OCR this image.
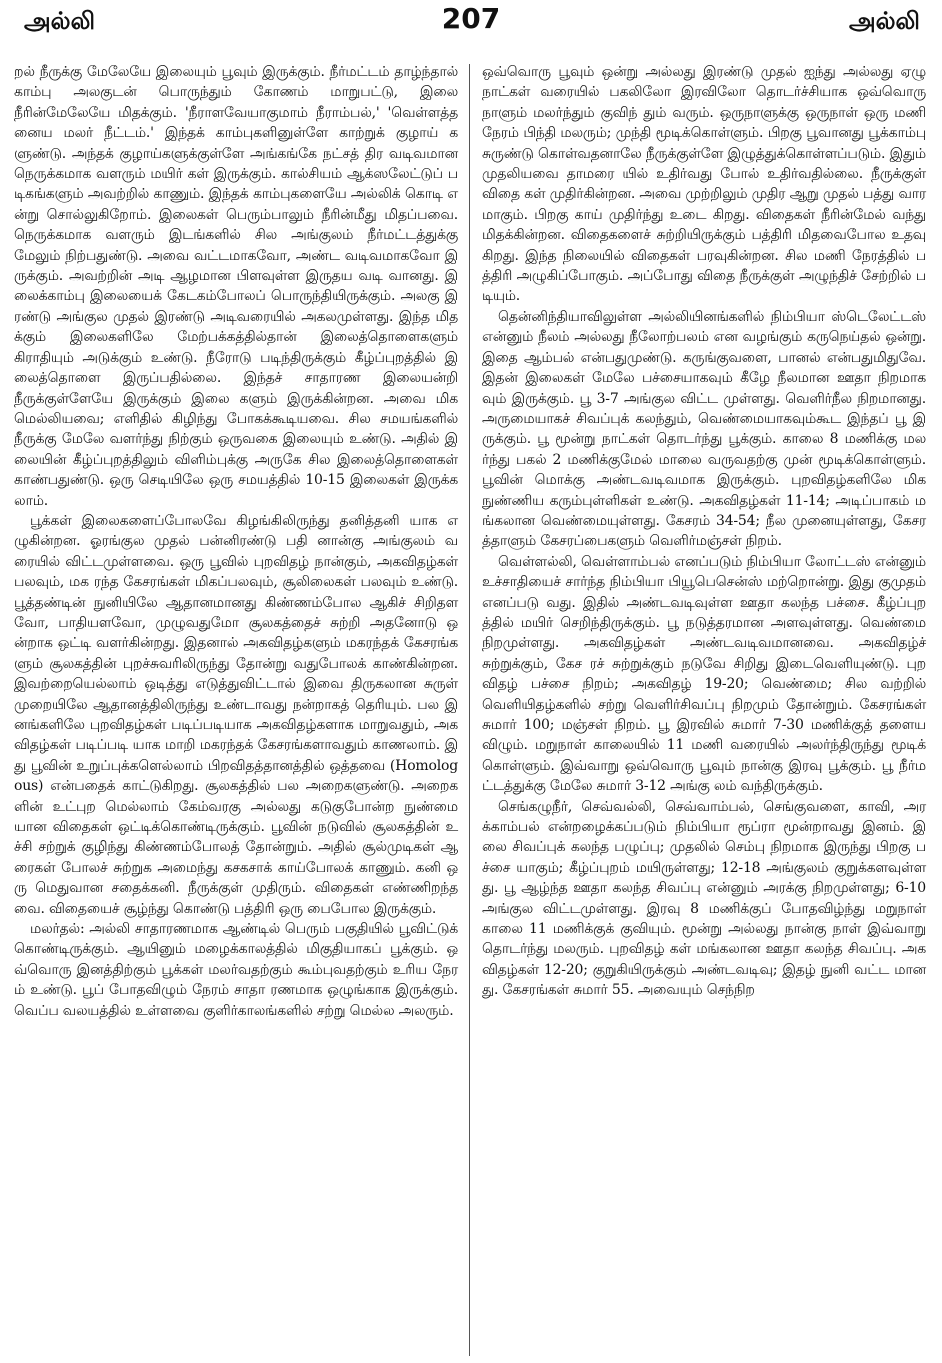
207
அல்லி	அல்லி

றல் நீருக்கு மேலேயே இலையும் பூவும் இருக்கும். நீர்மட்டம் தாழ்ந்தால் காம்பு அலகுடன் பொருந்தும் கோணம் மாறுபட்டு, இலை நீரின்மேலேயே மிதக்கும். 'நீராளவேயாகுமாம் நீராம்பல்,' 'வெள்ளத்தனைய மலர் நீட்டம்.' இந்தக் காம்புகளினுள்ளே காற்றுக் குழாய் களுண்டு. அந்தக் குழாய்களுக்குள்ளே அங்கங்கே நட்சத் திர வடிவமான நெருக்கமாக வளரும் மயிர் கள் இருக்கும். கால்சியம் ஆக்ஸலேட்டுப் படிகங்களும் அவற்றில் காணும். இந்தக் காம்புகளையே அல்லிக் கொடி என்று சொல்லுகிறோம். இலைகள் பெரும்பாலும் நீரின்மீது மிதப்பவை. நெருக்கமாக வளரும் இடங்களில் சில அங்குலம் நீர்மட்டத்துக்கு மேலும் நிற்பதுண்டு. அவை வட்டமாகவோ, அண்ட வடிவமாகவோ இருக்கும். அவற்றின் அடி ஆழமான பிளவுள்ள இருதய வடி வானது. இலைக்காம்பு இலையைக் கேடகம்போலப் பொருந்தியிருக்கும். அலகு இரண்டு அங்குல முதல் இரண்டு அடிவரையில் அகலமுள்ளது. இந்த மிதக்கும் இலைகளிலே மேற்பக்கத்தில்தான் இலைத்தொளைகளும் கிராதியும் அடுக்கும் உண்டு. நீரோடு படிந்திருக்கும் கீழ்ப்புறத்தில் இலைத்தொளை இருப்பதில்லை. இந்தச் சாதாரண இலையன்றி நீருக்குள்ளேயே இருக்கும் இலை களும் இருக்கின்றன. அவை மிக மெல்லியவை; எளிதில் கிழிந்து போகக்கூடியவை. சில சமயங்களில் நீருக்கு மேலே வளர்ந்து நிற்கும் ஒருவகை இலையும் உண்டு. அதில் இலையின் கீழ்ப்புறத்திலும் விளிம்புக்கு அருகே சில இலைத்தொளைகள் காண்பதுண்டு. ஒரு செடியிலே ஒரு சமயத்தில் 10-15 இலைகள் இருக்கலாம்.

பூக்கள் இலைகளைப்போலவே கிழங்கிலிருந்து தனித்தனி யாக எழுகின்றன. ஓரங்குல முதல் பன்னிரண்டு பதி னான்கு அங்குலம் வரையில் விட்டமுள்ளவை. ஒரு பூவில் புறவிதழ் நான்கும், அகவிதழ்கள் பலவும், மக ரந்த கேசரங்கள் மிகப்பலவும், சூலிலைகள் பலவும் உண்டு. பூத்தண்டின் நுனியிலே ஆதானமானது கிண்ணம்போல ஆகிச் சிறிதளவோ, பாதியளவோ, முழுவதுமோ சூலகத்தைச் சுற்றி அதனோடு ஒன்றாக ஒட்டி வளர்கின்றது. இதனால் அகவிதழ்களும் மகரந்தக் கேசரங்களும் சூலகத்தின் புறச்சுவரிலிருந்து தோன்று வதுபோலக் காண்கின்றன. இவற்றையெல்லாம் ஒடித்து எடுத்துவிட்டால் இவை திருகலான சுருள் முறையிலே ஆதானத்திலிருந்து உண்டாவது நன்றாகத் தெரியும். பல இனங்களிலே புறவிதழ்கள் படிப்படியாக அகவிதழ்களாக மாறுவதும், அகவிதழ்கள் படிப்படி யாக மாறி மகரந்தக் கேசரங்களாவதும் காணலாம். இது பூவின் உறுப்புக்களெல்லாம் பிறவிதத்தானத்தில் ஒத்தவை (Homologous) என்பதைக் காட்டுகிறது. சூலகத்தில் பல அறைகளுண்டு. அறைகளின் உட்புற மெல்லாம் கேம்வரகு அல்லது கடுகுபோன்ற நுண்மை யான விதைகள் ஒட்டிக்கொண்டிருக்கும். பூவின் நடுவில் சூலகத்தின் உச்சி சற்றுக் குழிந்து கிண்ணம்போலத் தோன்றும். அதில் சூல்முடிகள் ஆரைகள் போலச் சுற்றுக அமைந்து கசகசாக் காய்போலக் காணும். கனி ஒரு மெதுவான சதைக்கனி. நீருக்குள் முதிரும். விதைகள் எண்ணிறந்தவை. விதையைச் சூழ்ந்து கொண்டு பத்திரி ஒரு பைபோல இருக்கும்.

மலர்தல்: அல்லி சாதாரணமாக ஆண்டில் பெரும் பகுதியில் பூவிட்டுக் கொண்டிருக்கும். ஆயினும் மழைக்காலத்தில் மிகுதியாகப் பூக்கும். ஒவ்வொரு இனத்திற்கும் பூக்கள் மலர்வதற்கும் கூம்புவதற்கும் உரிய நேரம் உண்டு. பூப் போதவிழும் நேரம் சாதா ரணமாக ஒழுங்காக இருக்கும். வெப்ப வலயத்தில் உள்ளவை குளிர்காலங்களில் சற்று மெல்ல அலரும்.

ஒவ்வொரு பூவும் ஒன்று அல்லது இரண்டு முதல் ஐந்து அல்லது ஏழு நாட்கள் வரையில் பகலிலோ இரவிலோ தொடர்ச்சியாக ஒவ்வொரு நாளும் மலர்ந்தும் குவிந் தும் வரும். ஒருநாளுக்கு ஒருநாள் ஒரு மணி நேரம் பிந்தி மலரும்; முந்தி மூடிக்கொள்ளும். பிறகு பூவானது பூக்காம்பு சுருண்டு கொள்வதனாலே நீருக்குள்ளே இழுத்துக்கொள்ளப்படும். இதும் முதலியவை தாமரை யில் உதிர்வது போல் உதிர்வதில்லை. நீருக்குள் விதை கள் முதிர்கின்றன. அவை முற்றிலும் முதிர ஆறு முதல் பத்து வாரமாகும். பிறகு காய் முதிர்ந்து உடை கிறது. விதைகள் நீரின்மேல் வந்து மிதக்கின்றன. விதைகளைச் சுற்றியிருக்கும் பத்திரி மிதவைபோல உதவு கிறது. இந்த நிலையில் விதைகள் பரவுகின்றன. சில மணி நேரத்தில் பத்திரி அழுகிப்போகும். அப்போது விதை நீருக்குள் அழுந்திச் சேற்றில் படியும்.

தென்னிந்தியாவிலுள்ள அல்லியினங்களில் நிம்பியா ஸ்டெலேட்டஸ் என்னும் நீலம் அல்லது நீலோற்பலம் என வழங்கும் கருநெய்தல் ஒன்று. இதை ஆம்பல் என்பதுமுண்டு. கருங்குவளை, பானல் என்பதுமிதுவே. இதன் இலைகள் மேலே பச்சையாகவும் கீழே நீலமான ஊதா நிறமாகவும் இருக்கும். பூ 3-7 அங்குல விட்ட முள்ளது. வெளிர்நீல நிறமானது. அருமையாகச் சிவப்புக் கலந்தும், வெண்மையாகவும்கூட இந்தப் பூ இருக்கும். பூ மூன்று நாட்கள் தொடர்ந்து பூக்கும். காலை 8 மணிக்கு மலர்ந்து பகல் 2 மணிக்குமேல் மாலை வருவதற்கு முன் மூடிக்கொள்ளும். பூவின் மொக்கு அண்டவடிவமாக இருக்கும். புறவிதழ்களிலே மிக நுண்ணிய கரும்புள்ளிகள் உண்டு. அகவிதழ்கள் 11-14; அடிப்பாகம் மங்கலான வெண்மையுள்ளது. கேசரம் 34-54; நீல முனையுள்ளது, கேசரத்தாளும் கேசரப்பைகளும் வெளிர்மஞ்சள் நிறம்.

வெள்ளல்லி, வெள்ளாம்பல் எனப்படும் நிம்பியா லோட்டஸ் என்னும் உச்சாதியைச் சார்ந்த நிம்பியா பியூபெசென்ஸ் மற்றொன்று. இது குமுதம் எனப்படு வது. இதில் அண்டவடிவுள்ள ஊதா கலந்த பச்சை. கீழ்ப்புறத்தில் மயிர் செறிந்திருக்கும். பூ நடுத்தரமான அளவுள்ளது. வெண்மை நிறமுள்ளது. அகவிதழ்கள் அண்டவடிவமானவை. அகவிதழ்ச் சுற்றுக்கும், கேச ரச் சுற்றுக்கும் நடுவே சிறிது இடைவெளியுண்டு. புற விதழ் பச்சை நிறம்; அகவிதழ் 19-20; வெண்மை; சில வற்றில் வெளியிதழ்களில் சற்று வெளிர்சிவப்பு நிறமும் தோன்றும். கேசரங்கள் சுமார் 100; மஞ்சள் நிறம். பூ இரவில் சுமார் 7-30 மணிக்குத் தளையவிழும். மறுநாள் காலையில் 11 மணி வரையில் அலர்ந்திருந்து மூடிக் கொள்ளும். இவ்வாறு ஒவ்வொரு பூவும் நான்கு இரவு பூக்கும். பூ நீர்மட்டத்துக்கு மேலே சுமார் 3-12 அங்கு லம் வந்திருக்கும்.

செங்கழுநீர், செவ்வல்லி, செவ்வாம்பல், செங்குவளை, காவி, அரக்காம்பல் என்றழைக்கப்படும் நிம்பியா ரூப்ரா மூன்றாவது இனம். இலை சிவப்புக் கலந்த பழுப்பு; முதலில் செம்பு நிறமாக இருந்து பிறகு பச்சை யாகும்; கீழ்ப்புறம் மயிருள்ளது; 12-18 அங்குலம் குறுக்களவுள்ளது. பூ ஆழ்ந்த ஊதா கலந்த சிவப்பு என்னும் அரக்கு நிறமுள்ளது; 6-10 அங்குல விட்டமுள்ளது. இரவு 8 மணிக்குப் போதவிழ்ந்து மறுநாள் காலை 11 மணிக்குக் குவியும். மூன்று அல்லது நான்கு நாள் இவ்வாறு தொடர்ந்து மலரும். புறவிதழ் கள் மங்கலான ஊதா கலந்த சிவப்பு. அகவிதழ்கள் 12-20; குறுகியிருக்கும் அண்டவடிவு; இதழ் நுனி வட்ட மானது. கேசரங்கள் சுமார் 55. அவையும் செந்நிற
